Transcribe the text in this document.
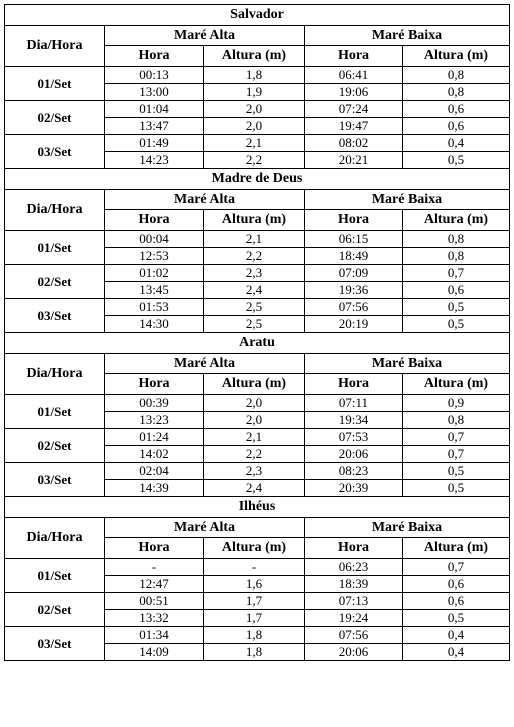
Salvador				
Dia/Hora	Maré Alta		Maré Baixa	
	Hora	Altura (m)	Hora	Altura (m)
01/Set	00:13	1,8	06:41	0,8
	13:00	1,9	19:06	0,8
02/Set	01:04	2,0	07:24	0,6
	13:47	2,0	19:47	0,6
03/Set	01:49	2,1	08:02	0,4
	14:23	2,2	20:21	0,5
Madre de Deus				
Dia/Hora	Maré Alta		Maré Baixa	
	Hora	Altura (m)	Hora	Altura (m)
01/Set	00:04	2,1	06:15	0,8
	12:53	2,2	18:49	0,8
02/Set	01:02	2,3	07:09	0,7
	13:45	2,4	19:36	0,6
03/Set	01:53	2,5	07:56	0,5
	14:30	2,5	20:19	0,5
Aratu				
Dia/Hora	Maré Alta		Maré Baixa	
	Hora	Altura (m)	Hora	Altura (m)
01/Set	00:39	2,0	07:11	0,9
	13:23	2,0	19:34	0,8
02/Set	01:24	2,1	07:53	0,7
	14:02	2,2	20:06	0,7
03/Set	02:04	2,3	08:23	0,5
	14:39	2,4	20:39	0,5
Ilhéus				
Dia/Hora	Maré Alta		Maré Baixa	
	Hora	Altura (m)	Hora	Altura (m)
01/Set	-	-	06:23	0,7
	12:47	1,6	18:39	0,6
02/Set	00:51	1,7	07:13	0,6
	13:32	1,7	19:24	0,5
03/Set	01:34	1,8	07:56	0,4
	14:09	1,8	20:06	0,4
